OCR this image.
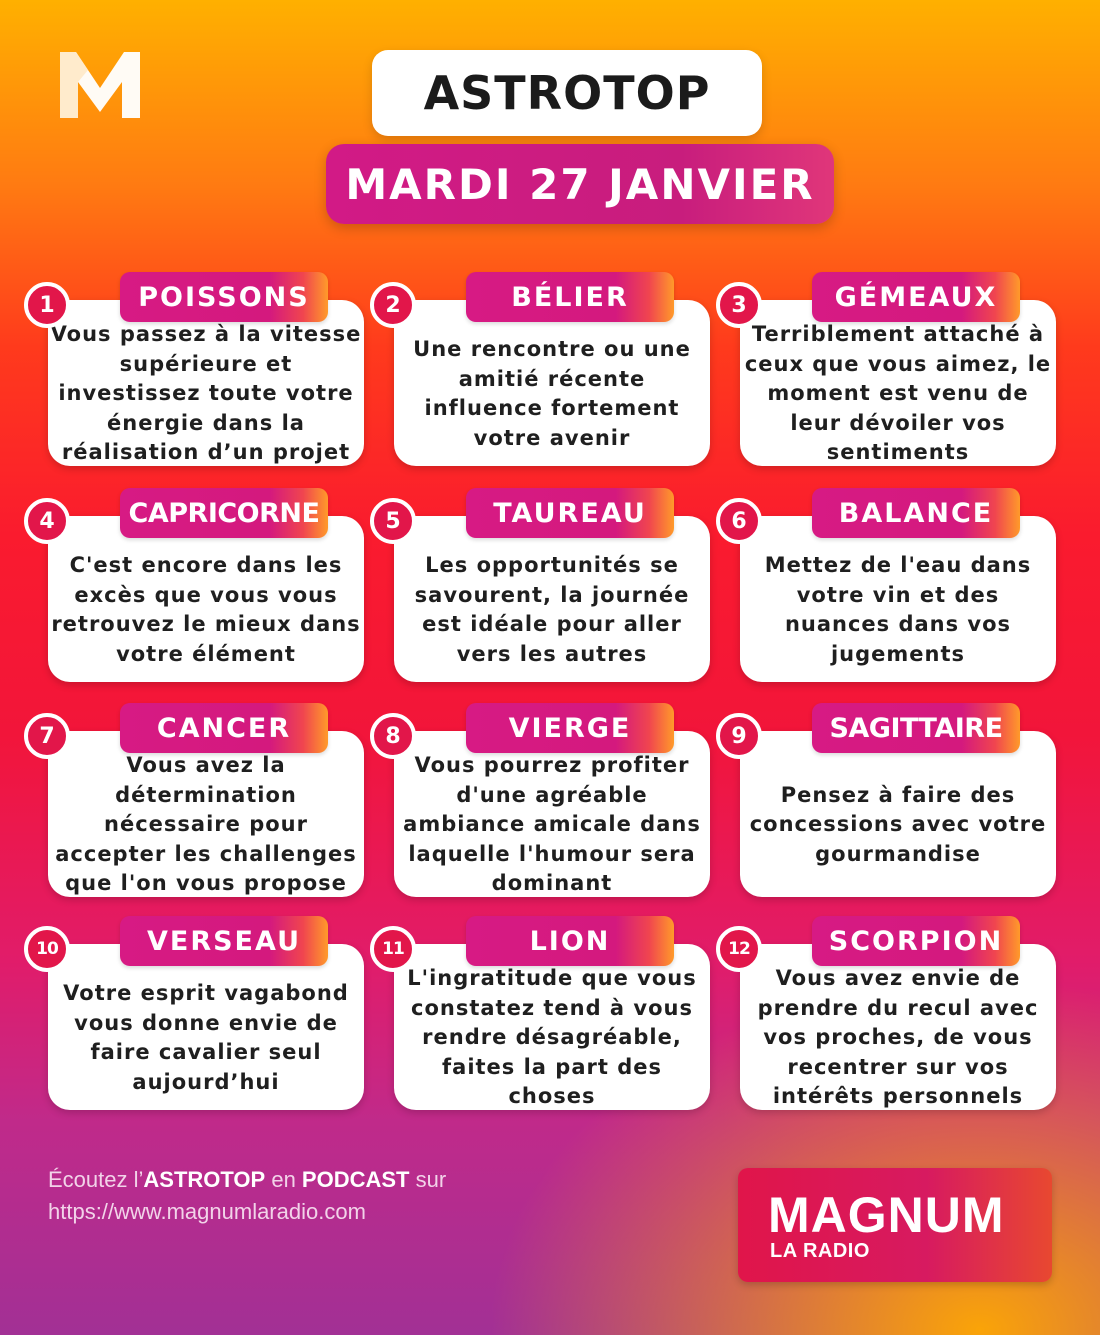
ASTROTOP
MARDI 27 JANVIER
1	POISSONS
Vous passez à la vitesse supérieure et investissez toute votre énergie dans la réalisation d’un projet
2	BÉLIER
Une rencontre ou une amitié récente influence fortement votre avenir
3	GÉMEAUX
Terriblement attaché à ceux que vous aimez, le moment est venu de leur dévoiler vos sentiments
4	CAPRICORNE
C'est encore dans les excès que vous vous retrouvez le mieux dans votre élément
5	TAUREAU
Les opportunités se savourent, la journée est idéale pour aller vers les autres
6	BALANCE
Mettez de l'eau dans votre vin et des nuances dans vos jugements
7	CANCER
Vous avez la détermination nécessaire pour accepter les challenges que l'on vous propose
8	VIERGE
Vous pourrez profiter d'une agréable ambiance amicale dans laquelle l'humour sera dominant
9	SAGITTAIRE
Pensez à faire des concessions avec votre gourmandise
10	VERSEAU
Votre esprit vagabond vous donne envie de faire cavalier seul aujourd’hui
11	LION
L'ingratitude que vous constatez tend à vous rendre désagréable, faites la part des choses
12	SCORPION
Vous avez envie de prendre du recul avec vos proches, de vous recentrer sur vos intérêts personnels
Écoutez l’ASTROTOP en PODCAST sur
https://www.magnumlaradio.com	MAGNUM
LA RADIO
